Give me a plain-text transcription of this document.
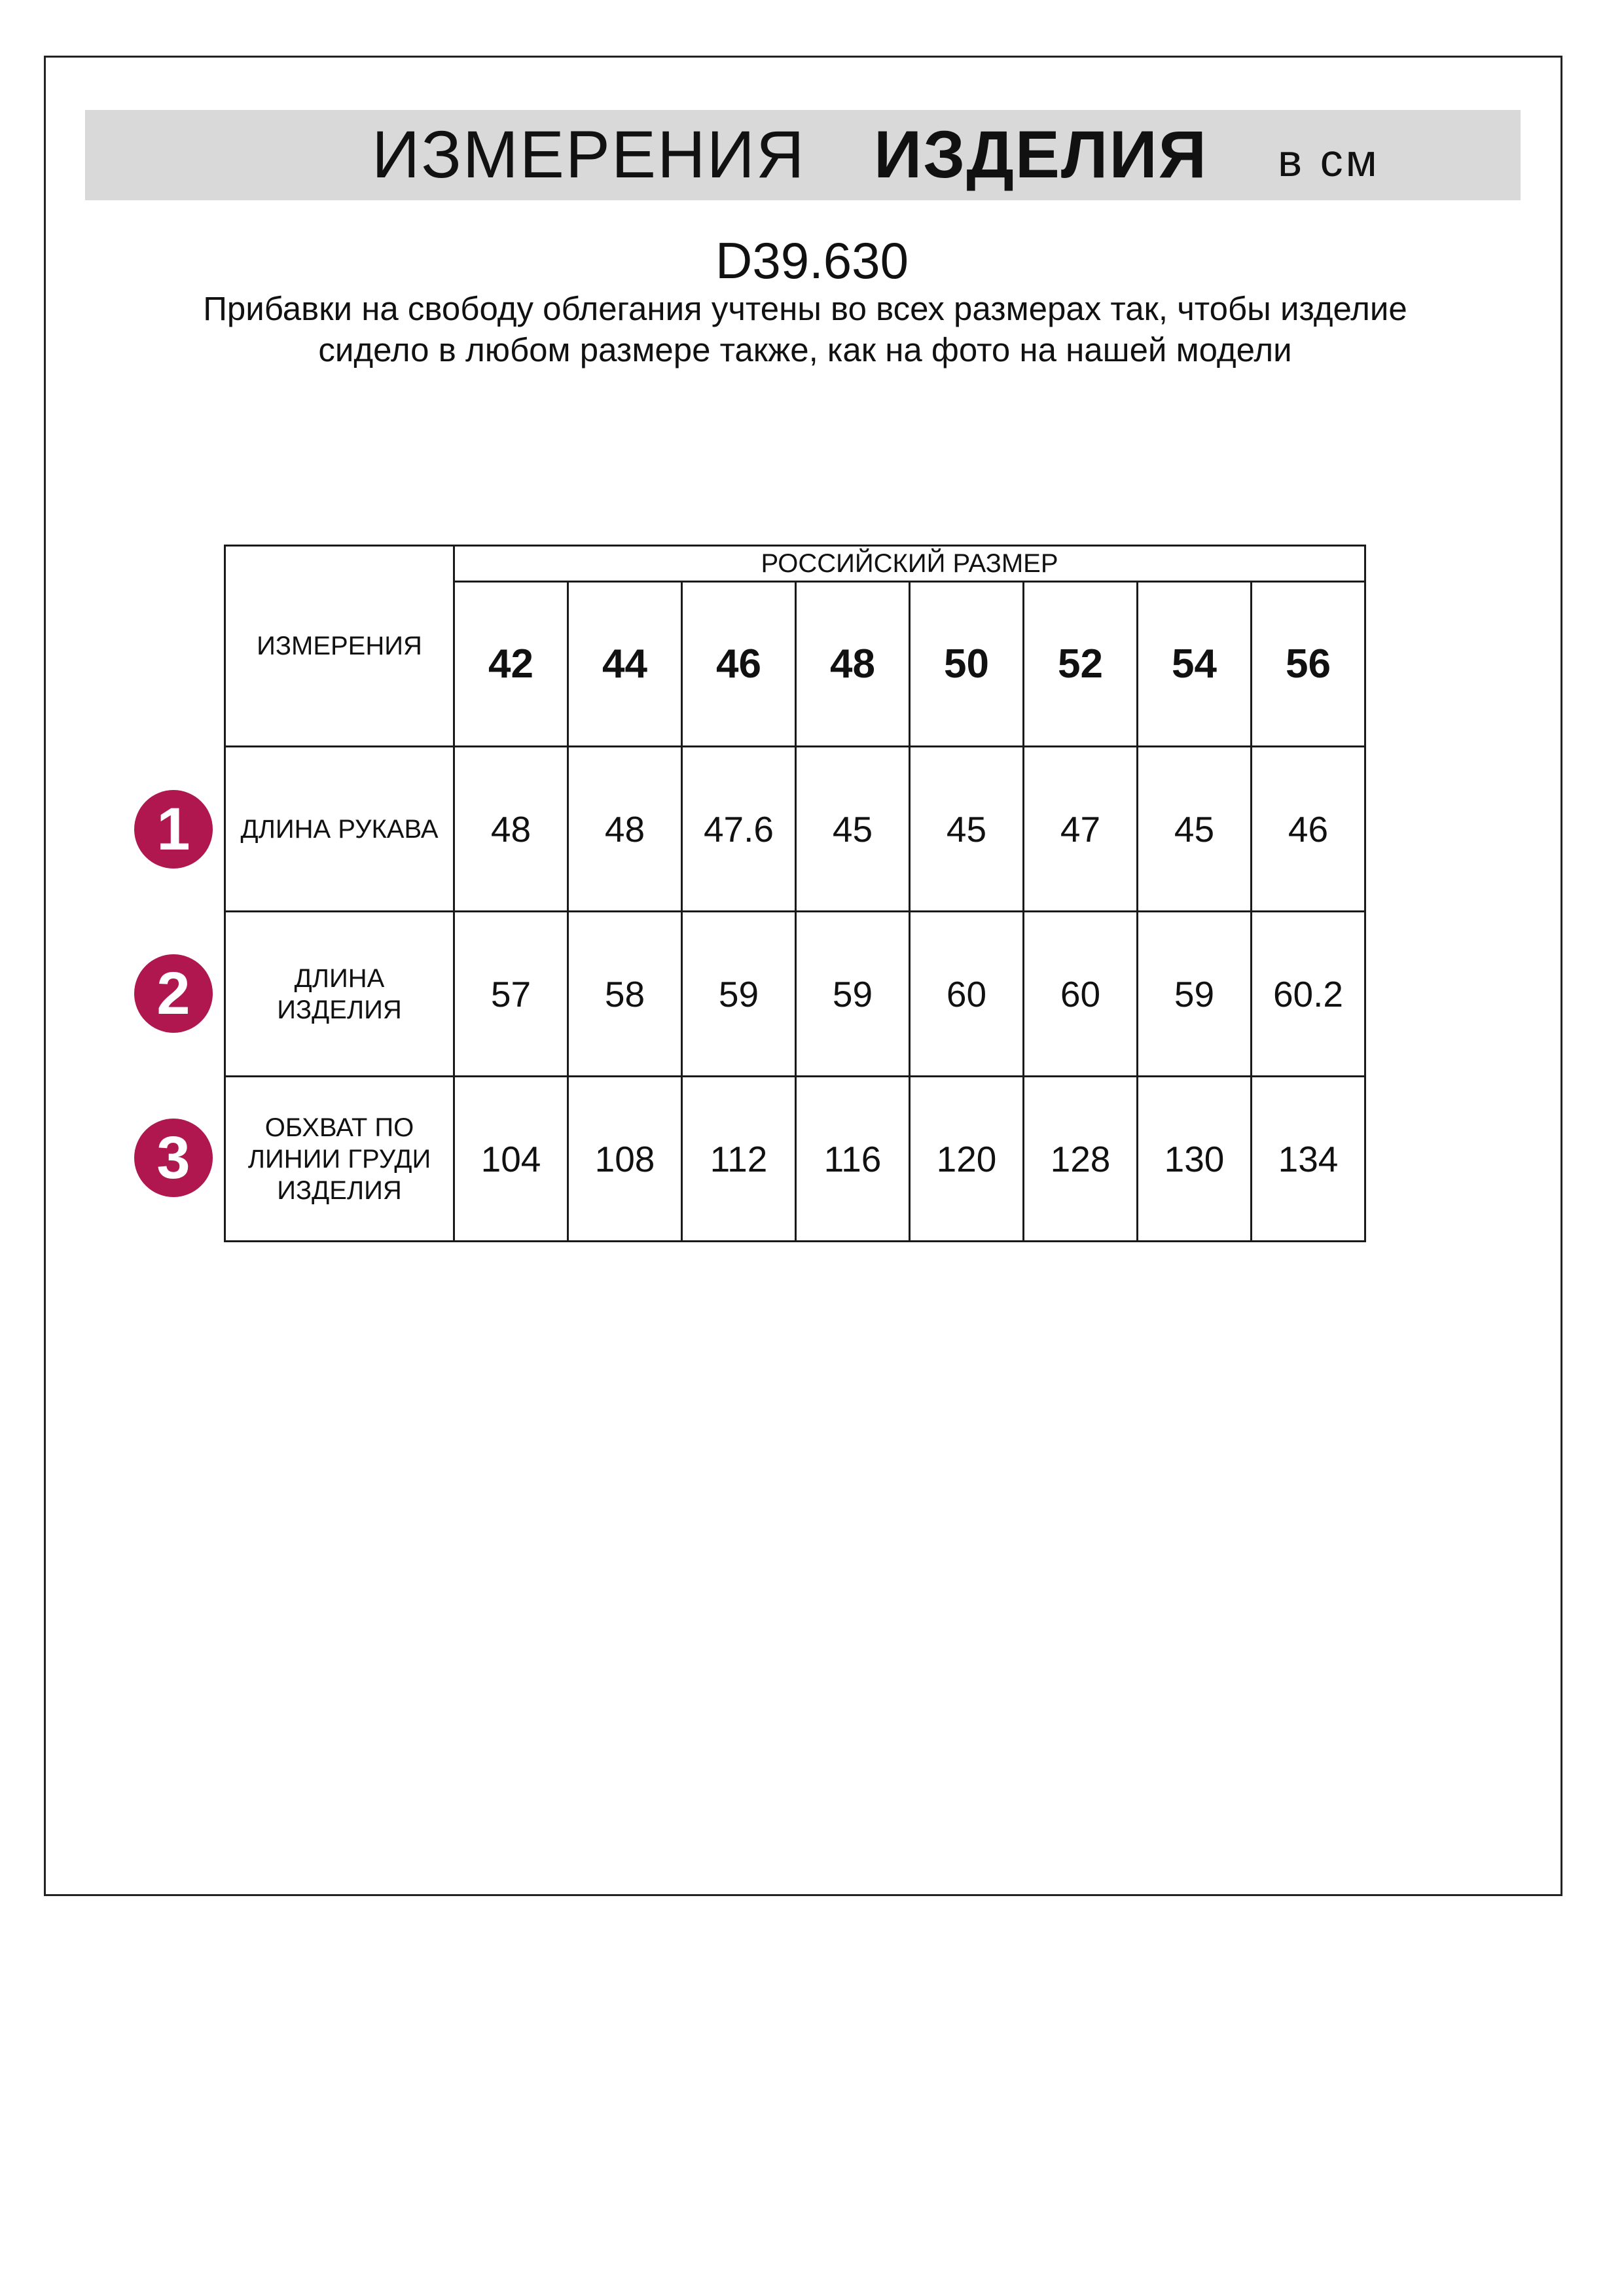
ИЗМЕРЕНИЯ ИЗДЕЛИЯ в см
D39.630
Прибавки на свободу облегания учтены во всех размерах так, чтобы изделие сидело в любом размере также, как на фото на нашей модели
ИЗМЕРЕНИЯ	РОССИЙСКИЙ РАЗМЕР							
	42	44	46	48	50	52	54	56
ДЛИНА РУКАВА	48	48	47.6	45	45	47	45	46
ДЛИНА
ИЗДЕЛИЯ	57	58	59	59	60	60	59	60.2
ОБХВАТ ПО
ЛИНИИ ГРУДИ
ИЗДЕЛИЯ	104	108	112	116	120	128	130	134
1
2
3
